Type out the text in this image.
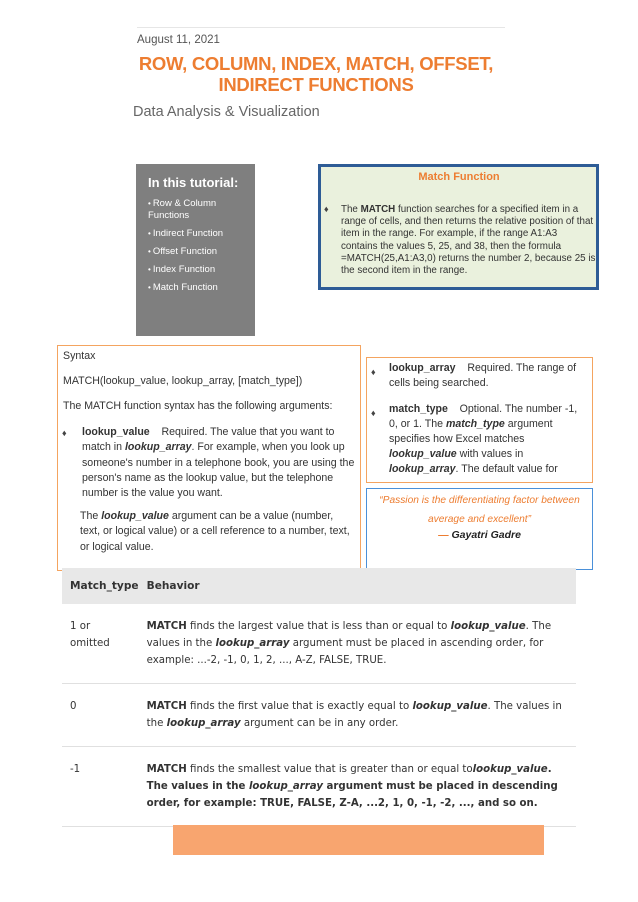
August 11, 2021
ROW, COLUMN, INDEX, MATCH, OFFSET,
INDIRECT FUNCTIONS
Data Analysis & Visualization
In this tutorial:
• Row & Column Functions
• Indirect Function
• Offset Function
• Index Function
• Match Function
Match Function
♦ The MATCH function searches for a specified item in a range of cells, and then returns the relative position of that item in the range. For example, if the range A1:A3 contains the values 5, 25, and 38, then the formula =MATCH(25,A1:A3,0) returns the number 2, because 25 is the second item in the range.
Syntax
MATCH(lookup_value, lookup_array, [match_type])
The MATCH function syntax has the following arguments:
♦ lookup_value Required. The value that you want to match in lookup_array. For example, when you look up someone's number in a telephone book, you are using the person's name as the lookup value, but the telephone number is the value you want.
The lookup_value argument can be a value (number, text, or logical value) or a cell reference to a number, text, or logical value.
♦ lookup_array Required. The range of cells being searched.
♦ match_type Optional. The number -1, 0, or 1. The match_type argument specifies how Excel matches lookup_value with values in lookup_array. The default value for
“Passion is the differentiating factor between average and excellent”
— Gayatri Gadre
Match_type	Behavior
1 or omitted	MATCH finds the largest value that is less than or equal to lookup_value. The values in the lookup_array argument must be placed in ascending order, for example: ...-2, -1, 0, 1, 2, ..., A-Z, FALSE, TRUE.
0	MATCH finds the first value that is exactly equal to lookup_value. The values in the lookup_array argument can be in any order.
-1	MATCH finds the smallest value that is greater than or equal tolookup_value. The values in the lookup_array argument must be placed in descending order, for example: TRUE, FALSE, Z-A, ...2, 1, 0, -1, -2, ..., and so on.
